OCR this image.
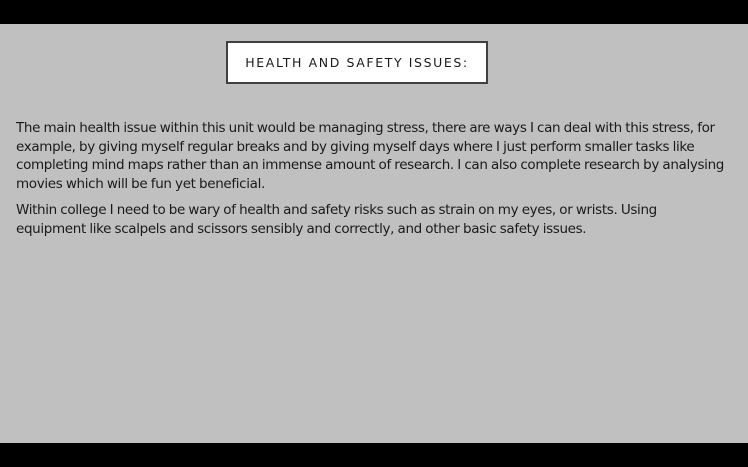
HEALTH AND SAFETY ISSUES:

The main health issue within this unit would be managing stress, there are ways I can deal with this stress, for example, by giving myself regular breaks and by giving myself days where I just perform smaller tasks like completing mind maps rather than an immense amount of research. I can also complete research by analysing movies which will be fun yet beneficial.

Within college I need to be wary of health and safety risks such as strain on my eyes, or wrists. Using equipment like scalpels and scissors sensibly and correctly, and other basic safety issues.
